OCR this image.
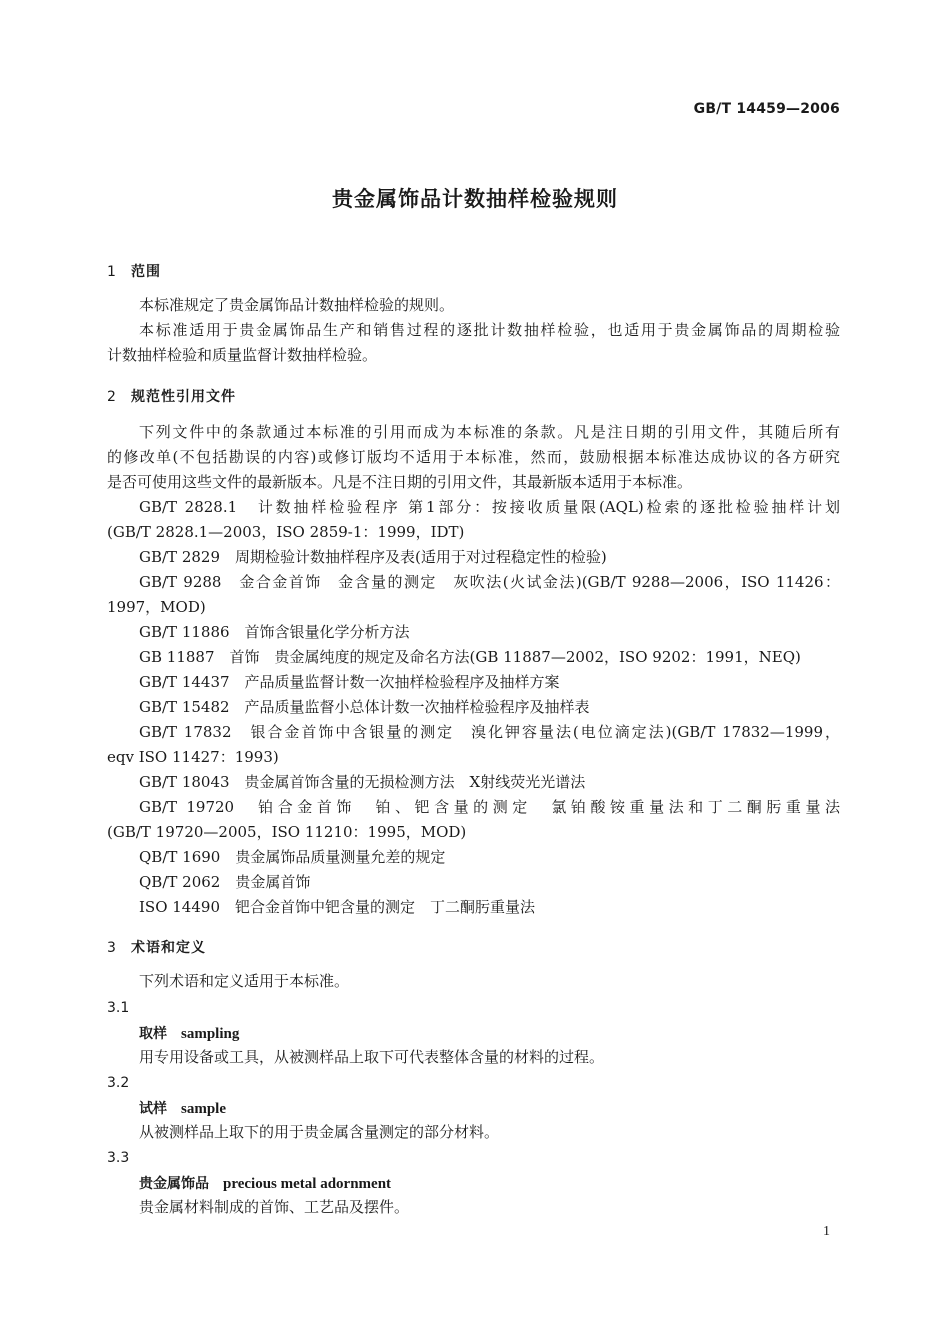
GB/T 14459—2006
贵金属饰品计数抽样检验规则
1 范围
本标准规定了贵金属饰品计数抽样检验的规则。
本标准适用于贵金属饰品生产和销售过程的逐批计数抽样检验，也适用于贵金属饰品的周期检验
计数抽样检验和质量监督计数抽样检验。
2 规范性引用文件
下列文件中的条款通过本标准的引用而成为本标准的条款。凡是注日期的引用文件，其随后所有
的修改单(不包括勘误的内容)或修订版均不适用于本标准，然而，鼓励根据本标准达成协议的各方研究
是否可使用这些文件的最新版本。凡是不注日期的引用文件，其最新版本适用于本标准。
GB/T 2828.1　计数抽样检验程序 第1部分：按接收质量限(AQL)检索的逐批检验抽样计划
(GB/T 2828.1—2003，ISO 2859-1：1999，IDT)
GB/T 2829　周期检验计数抽样程序及表(适用于对过程稳定性的检验)
GB/T 9288　金合金首饰　金含量的测定　灰吹法(火试金法)(GB/T 9288—2006，ISO 11426：
1997，MOD)
GB/T 11886　首饰含银量化学分析方法
GB 11887　首饰　贵金属纯度的规定及命名方法(GB 11887—2002，ISO 9202：1991，NEQ)
GB/T 14437　产品质量监督计数一次抽样检验程序及抽样方案
GB/T 15482　产品质量监督小总体计数一次抽样检验程序及抽样表
GB/T 17832　银合金首饰中含银量的测定　溴化钾容量法(电位滴定法)(GB/T 17832—1999，
eqv ISO 11427：1993)
GB/T 18043　贵金属首饰含量的无损检测方法　X射线荧光光谱法
GB/T 19720　铂合金首饰　铂、钯含量的测定　氯铂酸铵重量法和丁二酮肟重量法
(GB/T 19720—2005，ISO 11210：1995，MOD)
QB/T 1690　贵金属饰品质量测量允差的规定
QB/T 2062　贵金属首饰
ISO 14490　钯合金首饰中钯含量的测定　丁二酮肟重量法
3 术语和定义
下列术语和定义适用于本标准。
3.1
取样 sampling
用专用设备或工具，从被测样品上取下可代表整体含量的材料的过程。
3.2
试样 sample
从被测样品上取下的用于贵金属含量测定的部分材料。
3.3
贵金属饰品 precious metal adornment
贵金属材料制成的首饰、工艺品及摆件。
1
